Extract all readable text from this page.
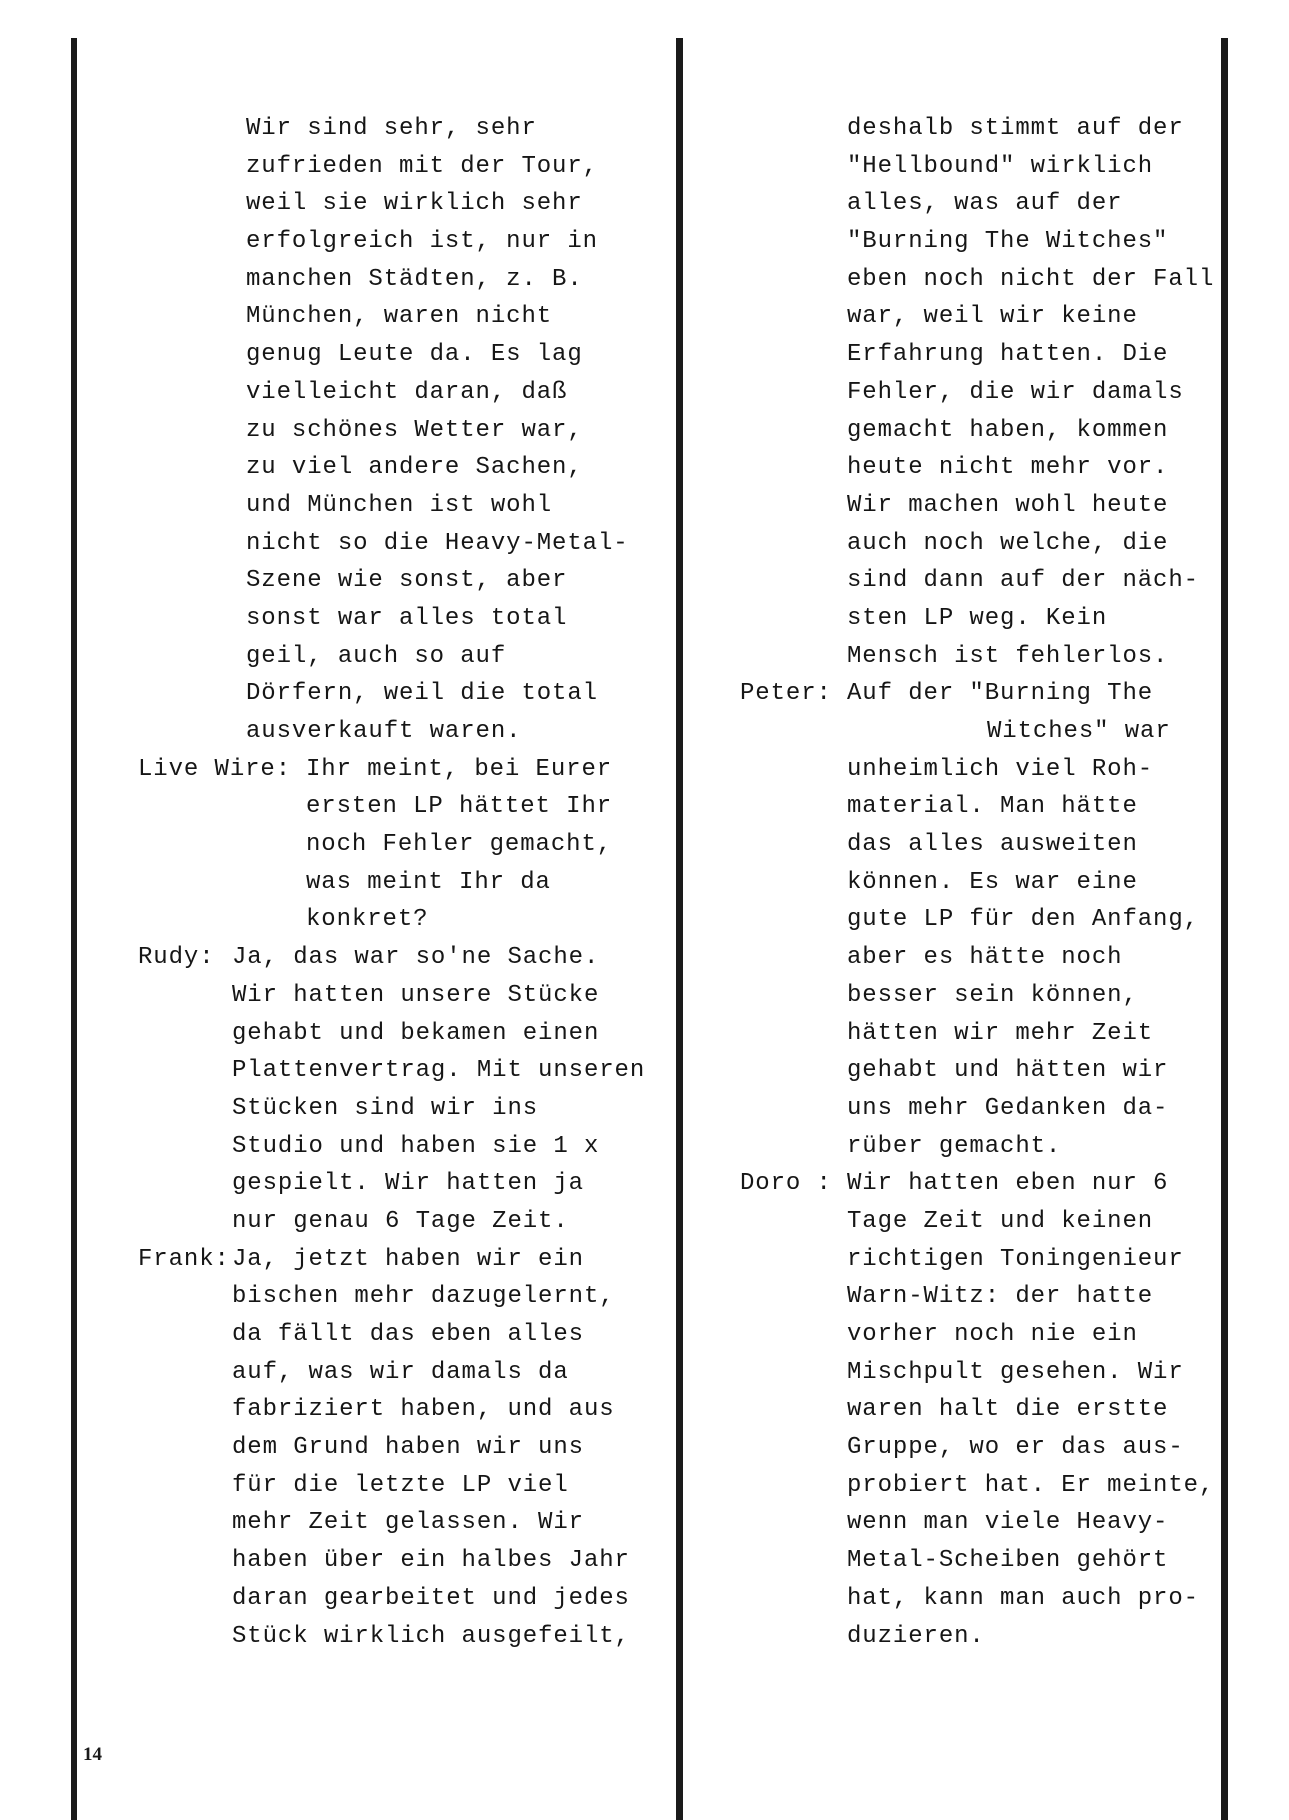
Wir sind sehr, sehr
zufrieden mit der Tour,
weil sie wirklich sehr
erfolgreich ist, nur in
manchen Städten, z. B.
München, waren nicht
genug Leute da. Es lag
vielleicht daran, daß
zu schönes Wetter war,
zu viel andere Sachen,
und München ist wohl
nicht so die Heavy-Metal-
Szene wie sonst, aber
sonst war alles total
geil, auch so auf
Dörfern, weil die total
ausverkauft waren.
Live Wire: Ihr meint, bei Eurer
ersten LP hättet Ihr
noch Fehler gemacht,
was meint Ihr da
konkret?
Rudy: Ja, das war so'ne Sache.
Wir hatten unsere Stücke
gehabt und bekamen einen
Plattenvertrag. Mit unseren
Stücken sind wir ins
Studio und haben sie 1 x
gespielt. Wir hatten ja
nur genau 6 Tage Zeit.
Frank: Ja, jetzt haben wir ein
bischen mehr dazugelernt,
da fällt das eben alles
auf, was wir damals da
fabriziert haben, und aus
dem Grund haben wir uns
für die letzte LP viel
mehr Zeit gelassen. Wir
haben über ein halbes Jahr
daran gearbeitet und jedes
Stück wirklich ausgefeilt,
deshalb stimmt auf der
"Hellbound" wirklich
alles, was auf der
"Burning The Witches"
eben noch nicht der Fall
war, weil wir keine
Erfahrung hatten. Die
Fehler, die wir damals
gemacht haben, kommen
heute nicht mehr vor.
Wir machen wohl heute
auch noch welche, die
sind dann auf der näch-
sten LP weg. Kein
Mensch ist fehlerlos.
Peter: Auf der "Burning The
Witches" war
unheimlich viel Roh-
material. Man hätte
das alles ausweiten
können. Es war eine
gute LP für den Anfang,
aber es hätte noch
besser sein können,
hätten wir mehr Zeit
gehabt und hätten wir
uns mehr Gedanken da-
rüber gemacht.
Doro : Wir hatten eben nur 6
Tage Zeit und keinen
richtigen Toningenieur
Warn-Witz: der hatte
vorher noch nie ein
Mischpult gesehen. Wir
waren halt die erstte
Gruppe, wo er das aus-
probiert hat. Er meinte,
wenn man viele Heavy-
Metal-Scheiben gehört
hat, kann man auch pro-
duzieren.
14
